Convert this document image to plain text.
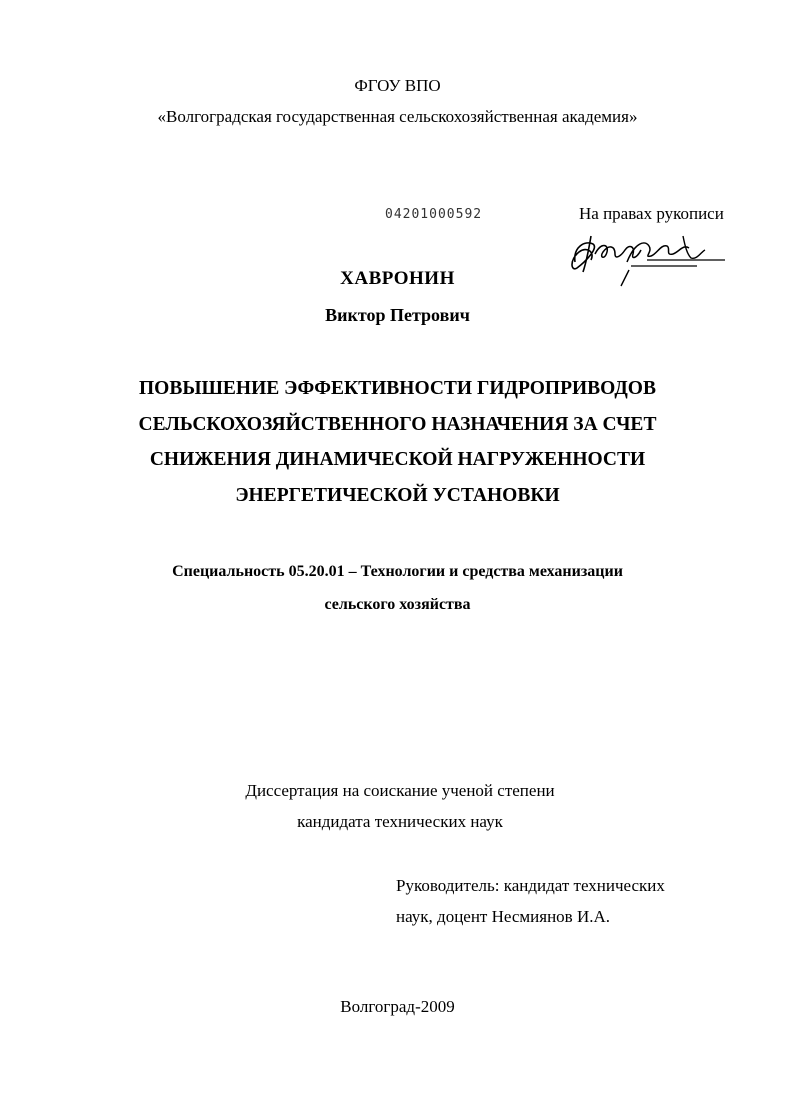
ФГОУ ВПО
«Волгоградская государственная сельскохозяйственная академия»
04201000592	На правах рукописи
ХАВРОНИН
Виктор Петрович
ПОВЫШЕНИЕ ЭФФЕКТИВНОСТИ ГИДРОПРИВОДОВ
СЕЛЬСКОХОЗЯЙСТВЕННОГО НАЗНАЧЕНИЯ ЗА СЧЕТ
СНИЖЕНИЯ ДИНАМИЧЕСКОЙ НАГРУЖЕННОСТИ
ЭНЕРГЕТИЧЕСКОЙ УСТАНОВКИ
Специальность 05.20.01 – Технологии и средства механизации
сельского хозяйства
Диссертация на соискание ученой степени
кандидата технических наук
Руководитель: кандидат технических
наук, доцент Несмиянов И.А.
Волгоград-2009
